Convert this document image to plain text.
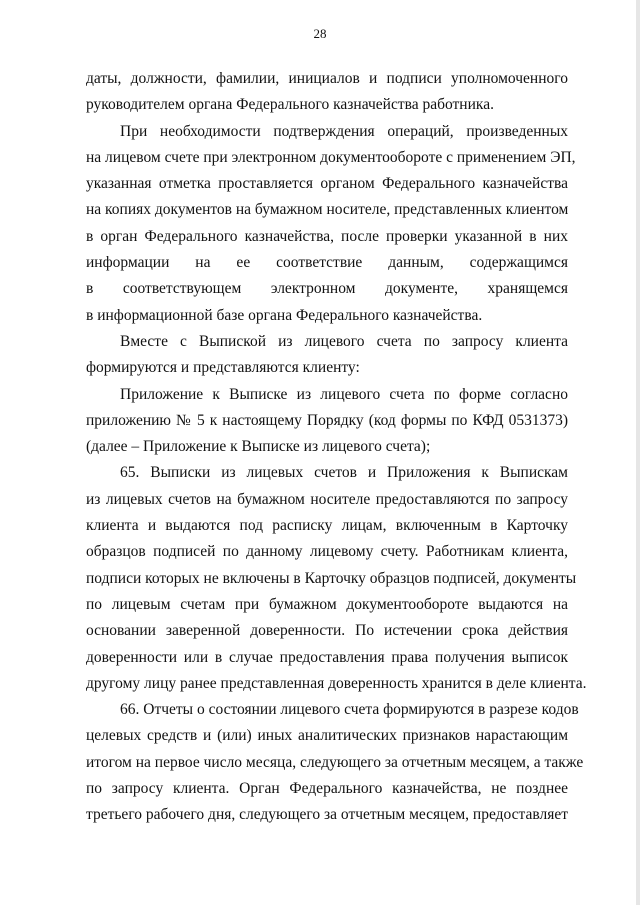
28
даты, должности, фамилии, инициалов и подписи уполномоченного
руководителем органа Федерального казначейства работника.
При необходимости подтверждения операций, произведенных
на лицевом счете при электронном документообороте с применением ЭП,
указанная отметка проставляется органом Федерального казначейства
на копиях документов на бумажном носителе, представленных клиентом
в орган Федерального казначейства, после проверки указанной в них
информации на ее соответствие данным, содержащимся
в соответствующем электронном документе, хранящемся
в информационной базе органа Федерального казначейства.
Вместе с Выпиской из лицевого счета по запросу клиента
формируются и представляются клиенту:
Приложение к Выписке из лицевого счета по форме согласно
приложению № 5 к настоящему Порядку (код формы по КФД 0531373)
(далее – Приложение к Выписке из лицевого счета);
65. Выписки из лицевых счетов и Приложения к Выпискам
из лицевых счетов на бумажном носителе предоставляются по запросу
клиента и выдаются под расписку лицам, включенным в Карточку
образцов подписей по данному лицевому счету. Работникам клиента,
подписи которых не включены в Карточку образцов подписей, документы
по лицевым счетам при бумажном документообороте выдаются на
основании заверенной доверенности. По истечении срока действия
доверенности или в случае предоставления права получения выписок
другому лицу ранее представленная доверенность хранится в деле клиента.
66. Отчеты о состоянии лицевого счета формируются в разрезе кодов
целевых средств и (или) иных аналитических признаков нарастающим
итогом на первое число месяца, следующего за отчетным месяцем, а также
по запросу клиента. Орган Федерального казначейства, не позднее
третьего рабочего дня, следующего за отчетным месяцем, предоставляет
